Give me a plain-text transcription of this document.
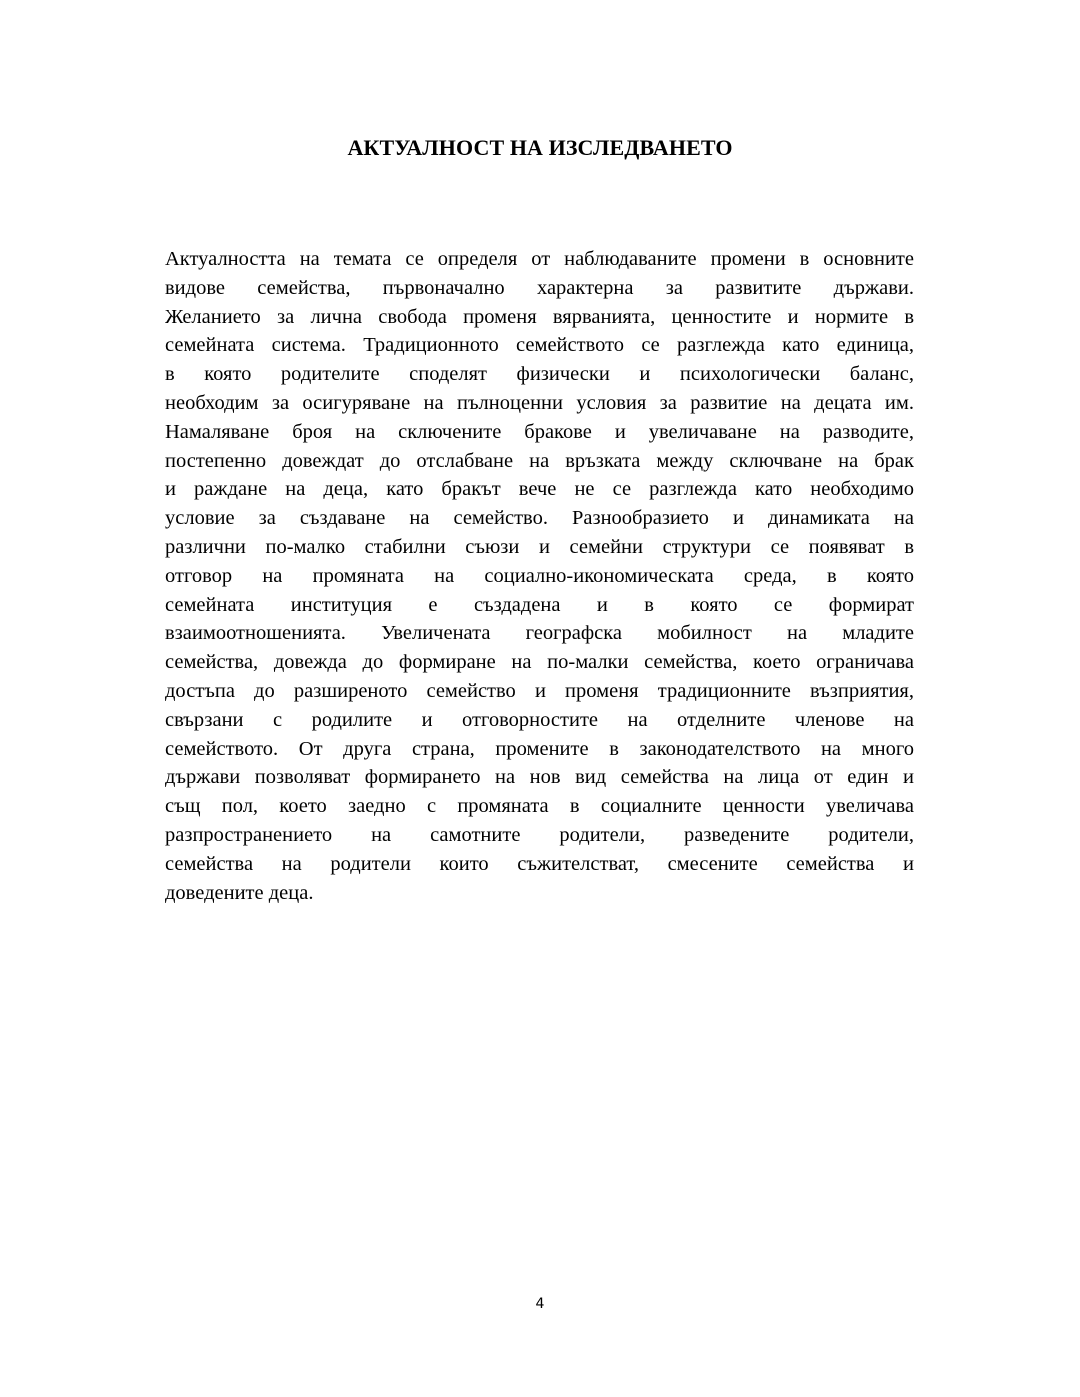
АКТУАЛНОСТ НА ИЗСЛЕДВАНЕТО
Актуалността на темата се определя от наблюдаваните промени в основните
видове семейства, първоначално характерна за развитите държави.
Желанието за лична свобода променя вярванията, ценностите и нормите в
семейната система. Традиционното семейството се разглежда като единица,
в която родителите споделят физически и психологически баланс,
необходим за осигуряване на пълноценни условия за развитие на децата им.
Намаляване броя на сключените бракове и увеличаване на разводите,
постепенно довеждат до отслабване на връзката между сключване на брак
и раждане на деца, като бракът вече не се разглежда като необходимо
условие за създаване на семейство. Разнообразието и динамиката на
различни по-малко стабилни съюзи и семейни структури се появяват в
отговор на промяната на социално-икономическата среда, в която
семейната институция е създадена и в която се формират
взаимоотношенията. Увеличената географска мобилност на младите
семейства, довежда до формиране на по-малки семейства, което ограничава
достъпа до разширеното семейство и променя традиционните възприятия,
свързани с родилите и отговорностите на отделните членове на
семейството. От друга страна, промените в законодателството на много
държави позволяват формирането на нов вид семейства на лица от един и
същ пол, което заедно с промяната в социалните ценности увеличава
разпространението на самотните родители, разведените родители,
семейства на родители които съжителстват, смесените семейства и
доведените деца.
4
